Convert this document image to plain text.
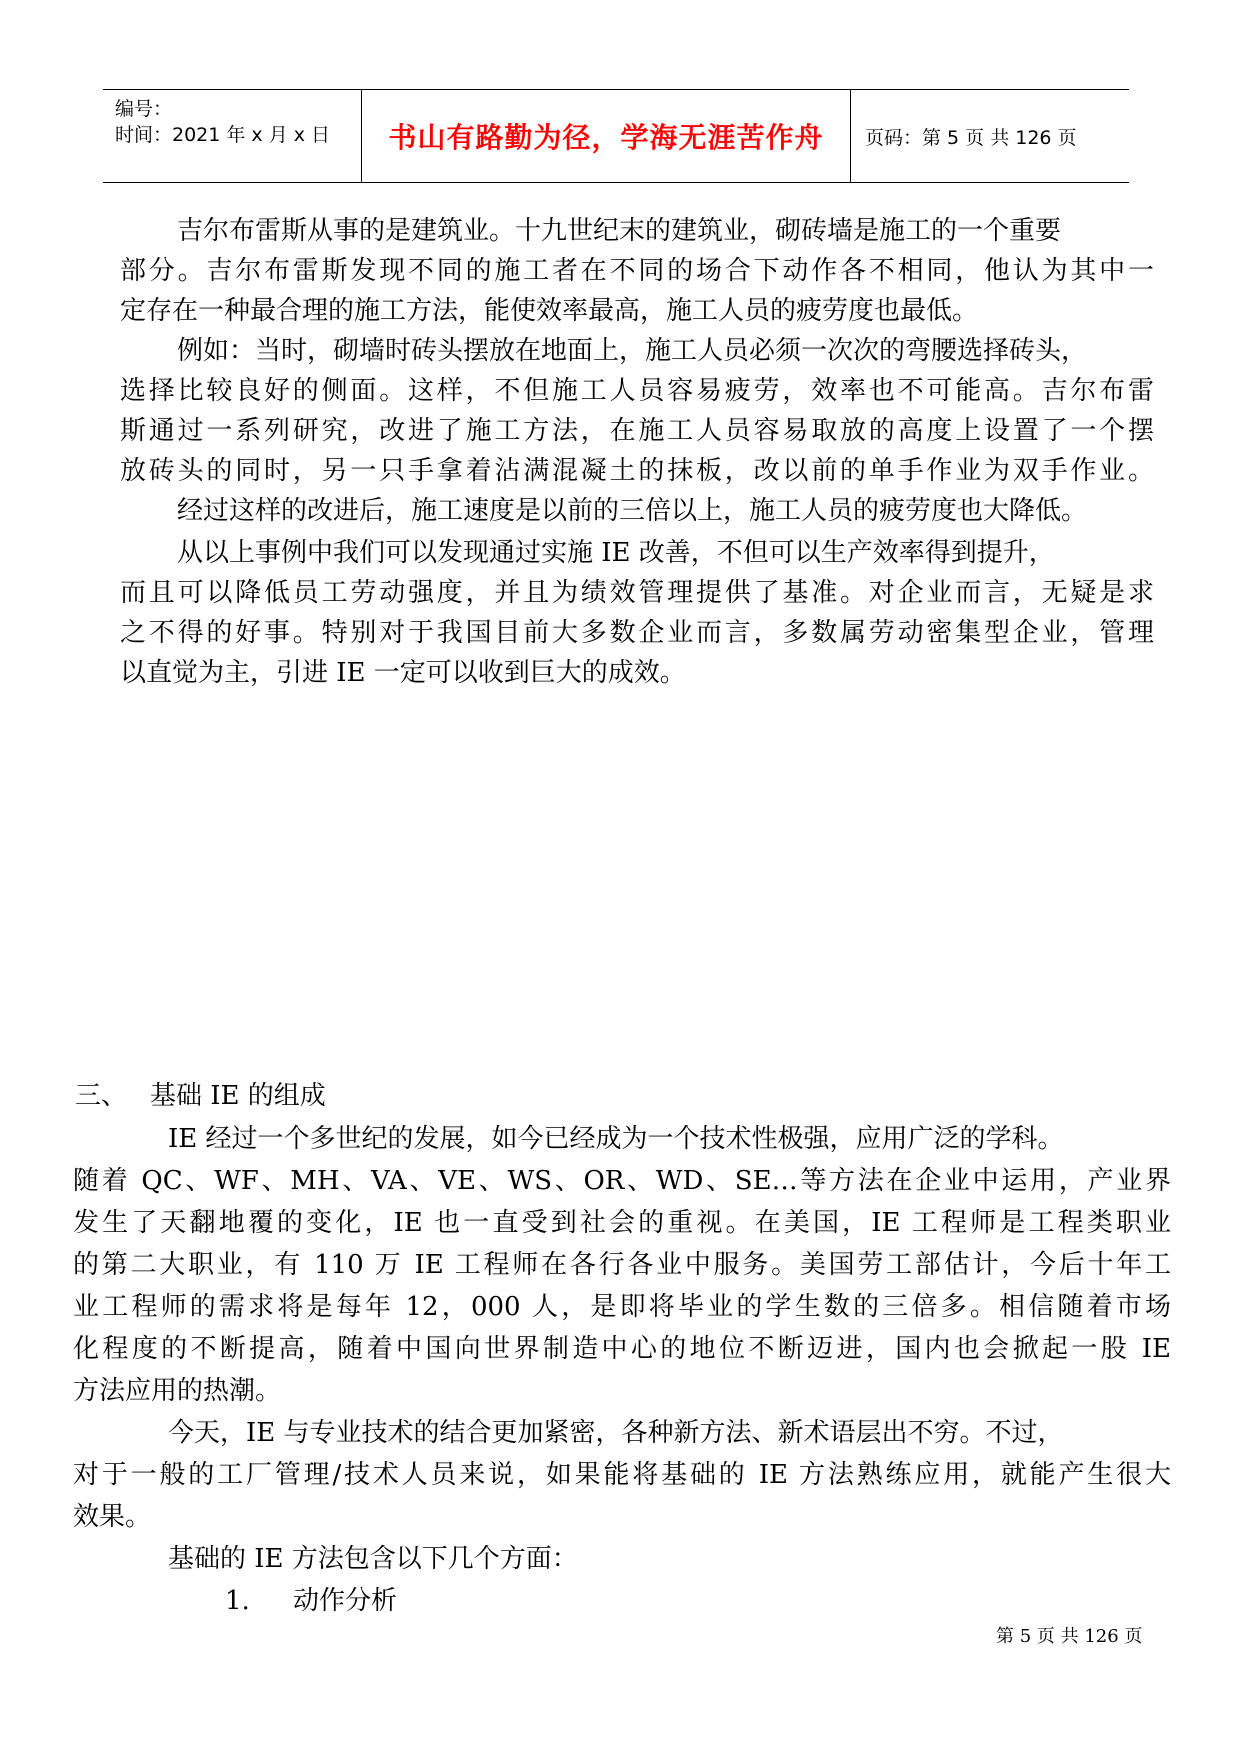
编号：
时间：2021 年 x 月 x 日 书山有路勤为径，学海无涯苦作舟 页码：第 5 页 共 126 页
吉尔布雷斯从事的是建筑业。十九世纪末的建筑业，砌砖墙是施工的一个重要
部分。吉尔布雷斯发现不同的施工者在不同的场合下动作各不相同，他认为其中一
定存在一种最合理的施工方法，能使效率最高，施工人员的疲劳度也最低。
例如：当时，砌墙时砖头摆放在地面上，施工人员必须一次次的弯腰选择砖头，
选择比较良好的侧面。这样，不但施工人员容易疲劳，效率也不可能高。吉尔布雷
斯通过一系列研究，改进了施工方法，在施工人员容易取放的高度上设置了一个摆
放砖头的同时，另一只手拿着沾满混凝土的抹板，改以前的单手作业为双手作业。
经过这样的改进后，施工速度是以前的三倍以上，施工人员的疲劳度也大降低。
从以上事例中我们可以发现通过实施 IE 改善，不但可以生产效率得到提升，
而且可以降低员工劳动强度，并且为绩效管理提供了基准。对企业而言，无疑是求
之不得的好事。特别对于我国目前大多数企业而言，多数属劳动密集型企业，管理
以直觉为主，引进 IE 一定可以收到巨大的成效。
三、 基础 IE 的组成
IE 经过一个多世纪的发展，如今已经成为一个技术性极强，应用广泛的学科。
随着 QC、WF、MH、VA、VE、WS、OR、WD、SE…等方法在企业中运用，产业界
发生了天翻地覆的变化，IE 也一直受到社会的重视。在美国，IE 工程师是工程类职业
的第二大职业，有 110 万 IE 工程师在各行各业中服务。美国劳工部估计，今后十年工
业工程师的需求将是每年 12，000 人，是即将毕业的学生数的三倍多。相信随着市场
化程度的不断提高，随着中国向世界制造中心的地位不断迈进，国内也会掀起一股 IE
方法应用的热潮。
今天，IE 与专业技术的结合更加紧密，各种新方法、新术语层出不穷。不过，
对于一般的工厂管理/技术人员来说，如果能将基础的 IE 方法熟练应用，就能产生很大
效果。
基础的 IE 方法包含以下几个方面：
1. 动作分析
第 5 页 共 126 页
